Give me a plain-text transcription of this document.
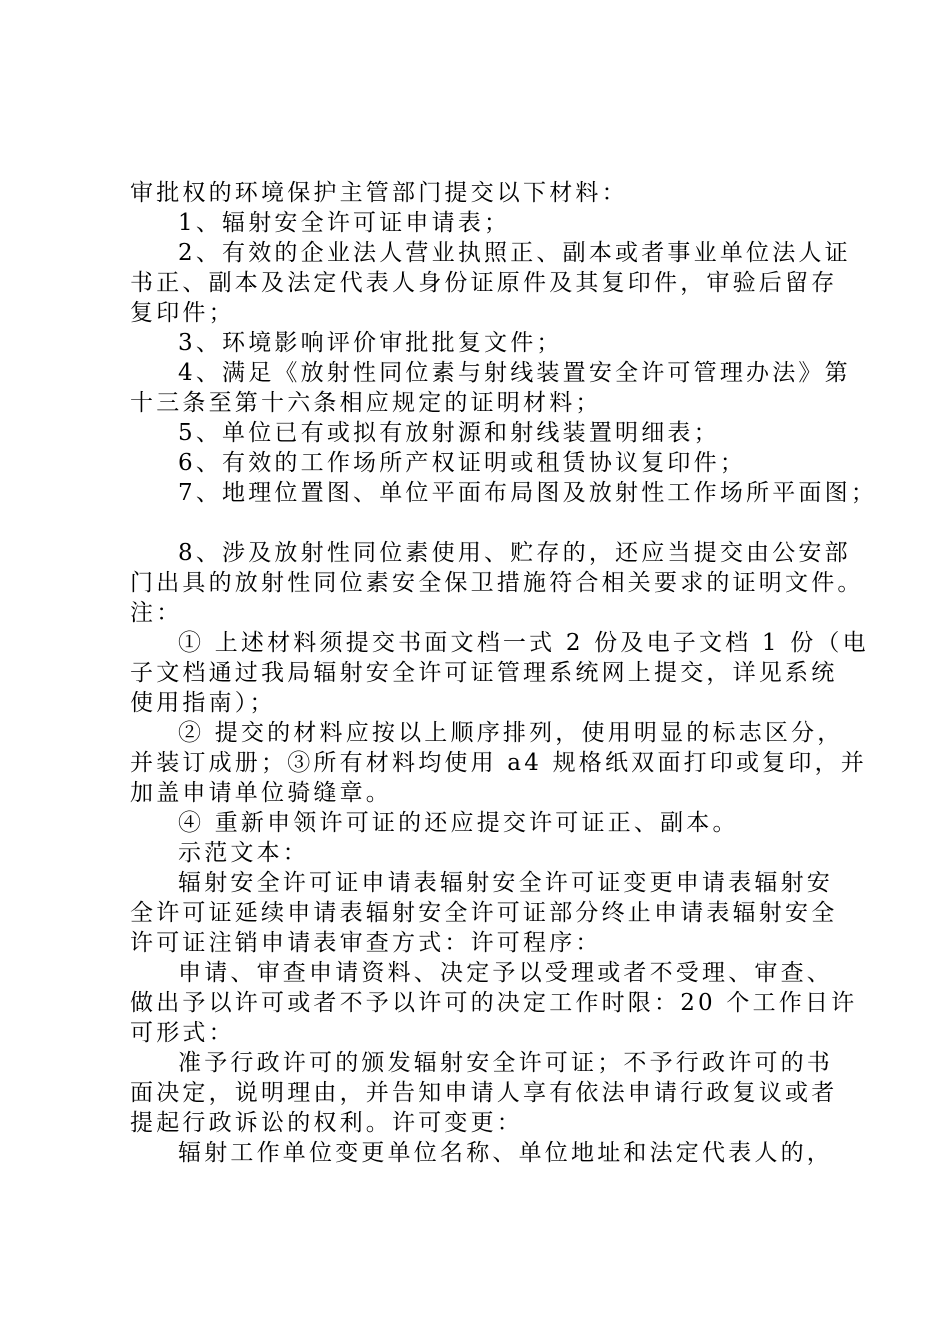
审批权的环境保护主管部门提交以下材料：
1、辐射安全许可证申请表；
2、有效的企业法人营业执照正、副本或者事业单位法人证
书正、副本及法定代表人身份证原件及其复印件，审验后留存
复印件；
3、环境影响评价审批批复文件；
4、满足《放射性同位素与射线装置安全许可管理办法》第
十三条至第十六条相应规定的证明材料；
5、单位已有或拟有放射源和射线装置明细表；
6、有效的工作场所产权证明或租赁协议复印件；
7、地理位置图、单位平面布局图及放射性工作场所平面图；
8、涉及放射性同位素使用、贮存的，还应当提交由公安部
门出具的放射性同位素安全保卫措施符合相关要求的证明文件。
注：
① 上述材料须提交书面文档一式 2 份及电子文档 1 份（电
子文档通过我局辐射安全许可证管理系统网上提交，详见系统
使用指南）；
② 提交的材料应按以上顺序排列，使用明显的标志区分，
并装订成册；③所有材料均使用 a4 规格纸双面打印或复印，并
加盖申请单位骑缝章。
④ 重新申领许可证的还应提交许可证正、副本。
示范文本：
辐射安全许可证申请表辐射安全许可证变更申请表辐射安
全许可证延续申请表辐射安全许可证部分终止申请表辐射安全
许可证注销申请表审查方式：许可程序：
申请、审查申请资料、决定予以受理或者不受理、审查、
做出予以许可或者不予以许可的决定工作时限：20 个工作日许
可形式：
准予行政许可的颁发辐射安全许可证；不予行政许可的书
面决定，说明理由，并告知申请人享有依法申请行政复议或者
提起行政诉讼的权利。许可变更：
辐射工作单位变更单位名称、单位地址和法定代表人的，
